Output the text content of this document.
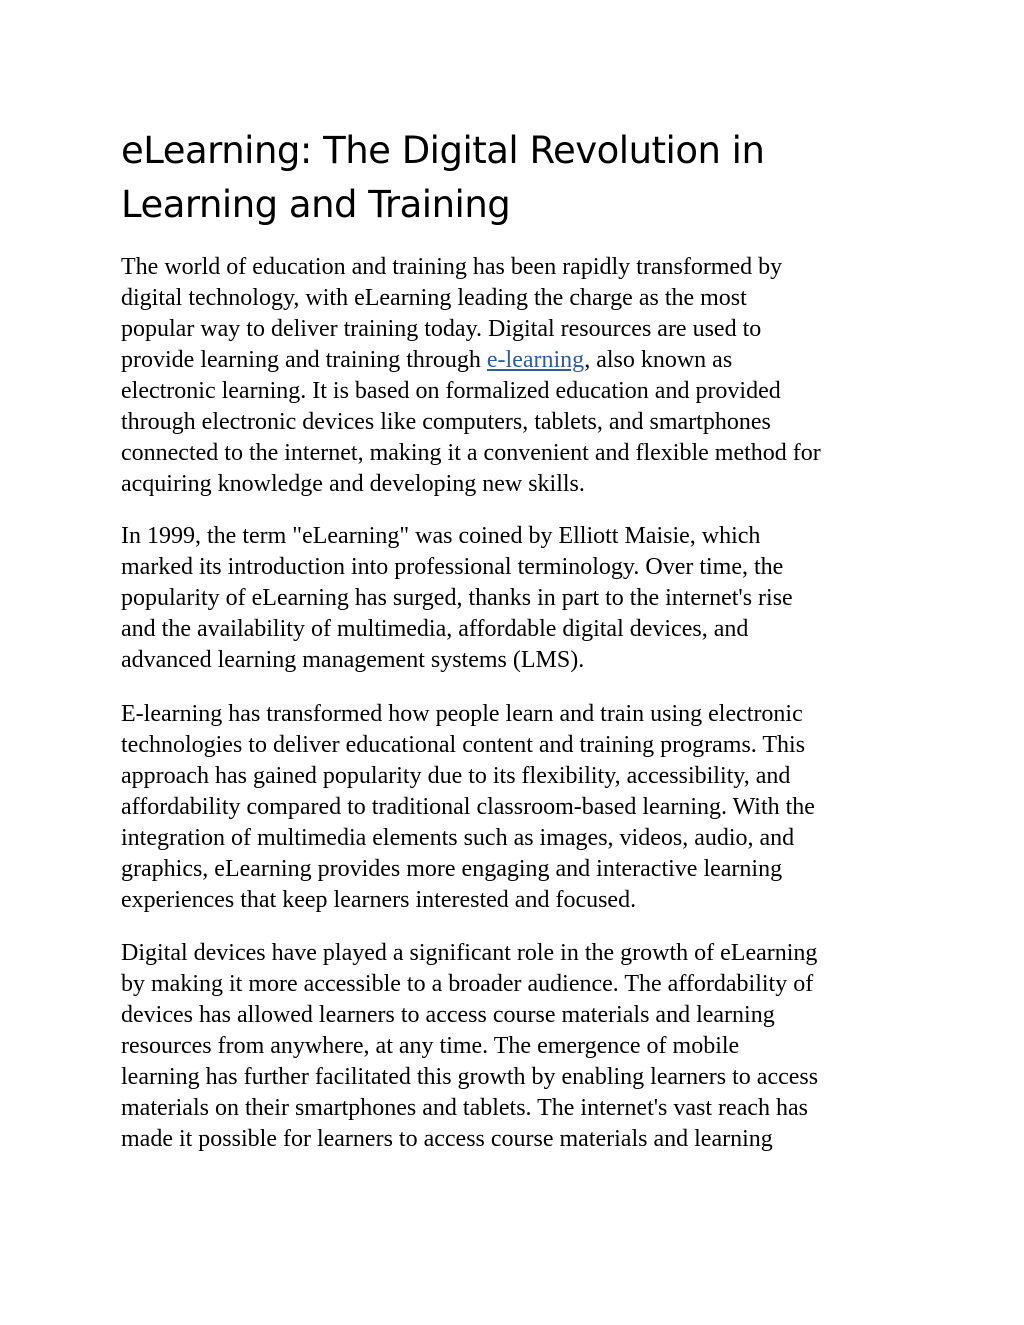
eLearning: The Digital Revolution in
Learning and Training

The world of education and training has been rapidly transformed by
digital technology, with eLearning leading the charge as the most
popular way to deliver training today. Digital resources are used to
provide learning and training through e-learning, also known as
electronic learning. It is based on formalized education and provided
through electronic devices like computers, tablets, and smartphones
connected to the internet, making it a convenient and flexible method for
acquiring knowledge and developing new skills.

In 1999, the term "eLearning" was coined by Elliott Maisie, which
marked its introduction into professional terminology. Over time, the
popularity of eLearning has surged, thanks in part to the internet's rise
and the availability of multimedia, affordable digital devices, and
advanced learning management systems (LMS).

E-learning has transformed how people learn and train using electronic
technologies to deliver educational content and training programs. This
approach has gained popularity due to its flexibility, accessibility, and
affordability compared to traditional classroom-based learning. With the
integration of multimedia elements such as images, videos, audio, and
graphics, eLearning provides more engaging and interactive learning
experiences that keep learners interested and focused.

Digital devices have played a significant role in the growth of eLearning
by making it more accessible to a broader audience. The affordability of
devices has allowed learners to access course materials and learning
resources from anywhere, at any time. The emergence of mobile
learning has further facilitated this growth by enabling learners to access
materials on their smartphones and tablets. The internet's vast reach has
made it possible for learners to access course materials and learning
